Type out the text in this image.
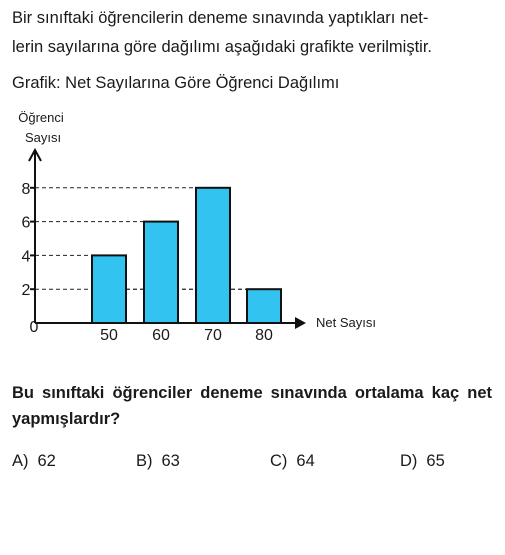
Bir sınıftaki öğrencilerin deneme sınavında yaptıkları net-
lerin sayılarına göre dağılımı aşağıdaki grafikte verilmiştir.
Grafik: Net Sayılarına Göre Öğrenci Dağılımı
2
4
6
8
0	50 60 70 80
Öğrenci
Sayısı
Net Sayısı
Bu sınıftaki öğrenciler deneme sınavında ortalama kaç net yapmışlardır?
A) 62	B) 63	C) 64	D) 65
